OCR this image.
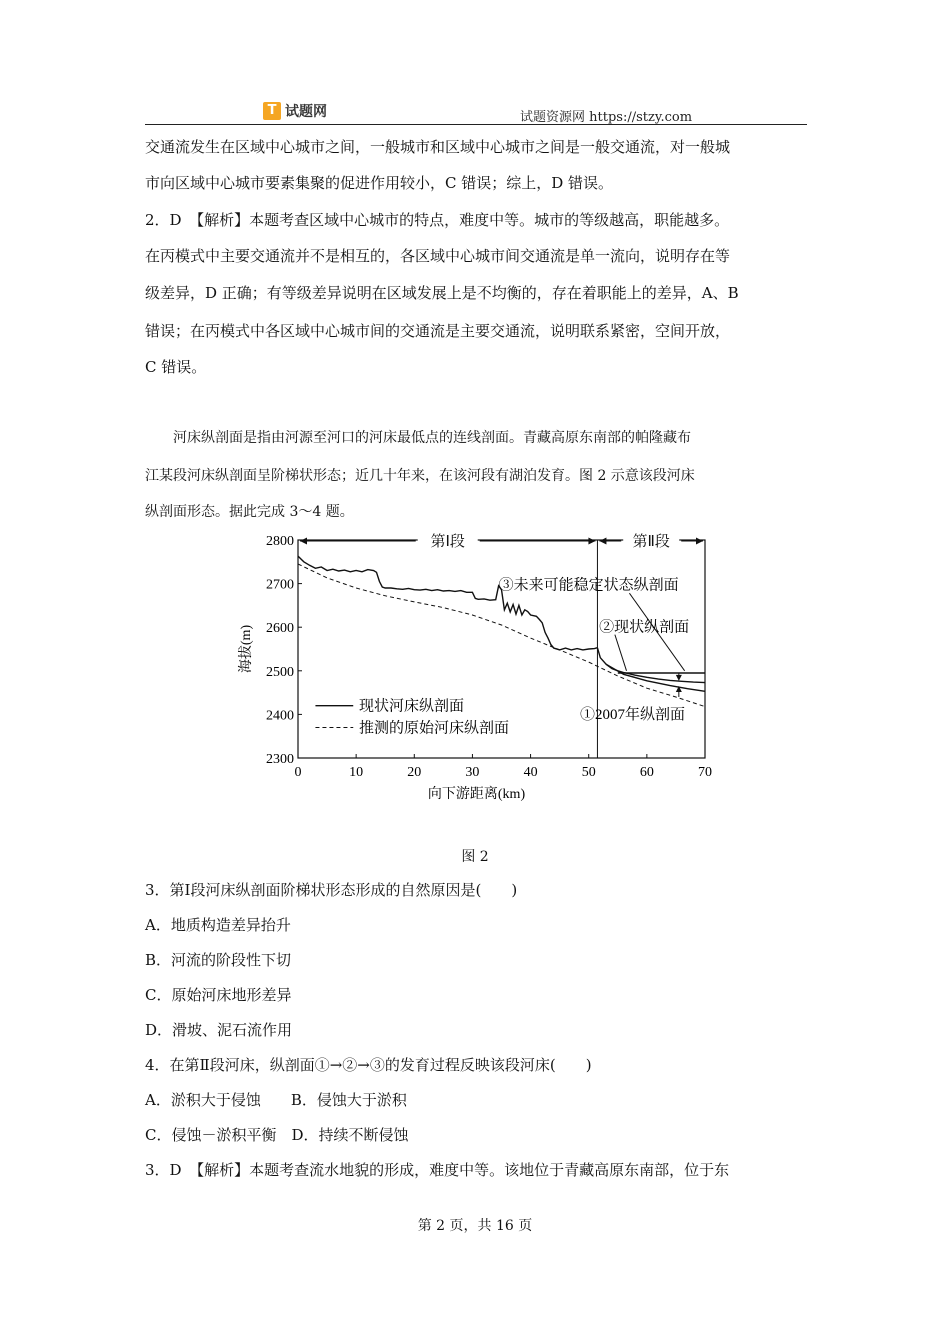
T 试题网	试题资源网 https://stzy.com
交通流发生在区域中心城市之间，一般城市和区域中心城市之间是一般交通流，对一般城
市向区域中心城市要素集聚的促进作用较小，C 错误；综上，D 错误。
2．D　【解析】本题考查区域中心城市的特点，难度中等。城市的等级越高，职能越多。
在丙模式中主要交通流并不是相互的，各区域中心城市间交通流是单一流向，说明存在等
级差异，D 正确；有等级差异说明在区域发展上是不均衡的，存在着职能上的差异，A、B
错误；在丙模式中各区域中心城市间的交通流是主要交通流，说明联系紧密，空间开放，
C 错误。
　　河床纵剖面是指由河源至河口的河床最低点的连线剖面。青藏高原东南部的帕隆藏布
江某段河床纵剖面呈阶梯状形态；近几十年来，在该河段有湖泊发育。图 2 示意该段河床
纵剖面形态。据此完成 3～4 题。
0	10	20	30	40	50	60	70
2300
2400
2500
2600
2700
2800
向下游距离(km)
海拔(m)
第Ⅰ段	第Ⅱ段
③未来可能稳定状态纵剖面
②现状纵剖面
①2007年纵剖面
现状河床纵剖面
推测的原始河床纵剖面
图 2
3．第Ⅰ段河床纵剖面阶梯状形态形成的自然原因是(　　)
A．地质构造差异抬升
B．河流的阶段性下切
C．原始河床地形差异
D．滑坡、泥石流作用
4．在第Ⅱ段河床，纵剖面①→②→③的发育过程反映该段河床(　　)
A．淤积大于侵蚀　　B．侵蚀大于淤积
C．侵蚀－淤积平衡　D．持续不断侵蚀
3．D　【解析】本题考查流水地貌的形成，难度中等。该地位于青藏高原东南部，位于东
第 2 页，共 16 页
